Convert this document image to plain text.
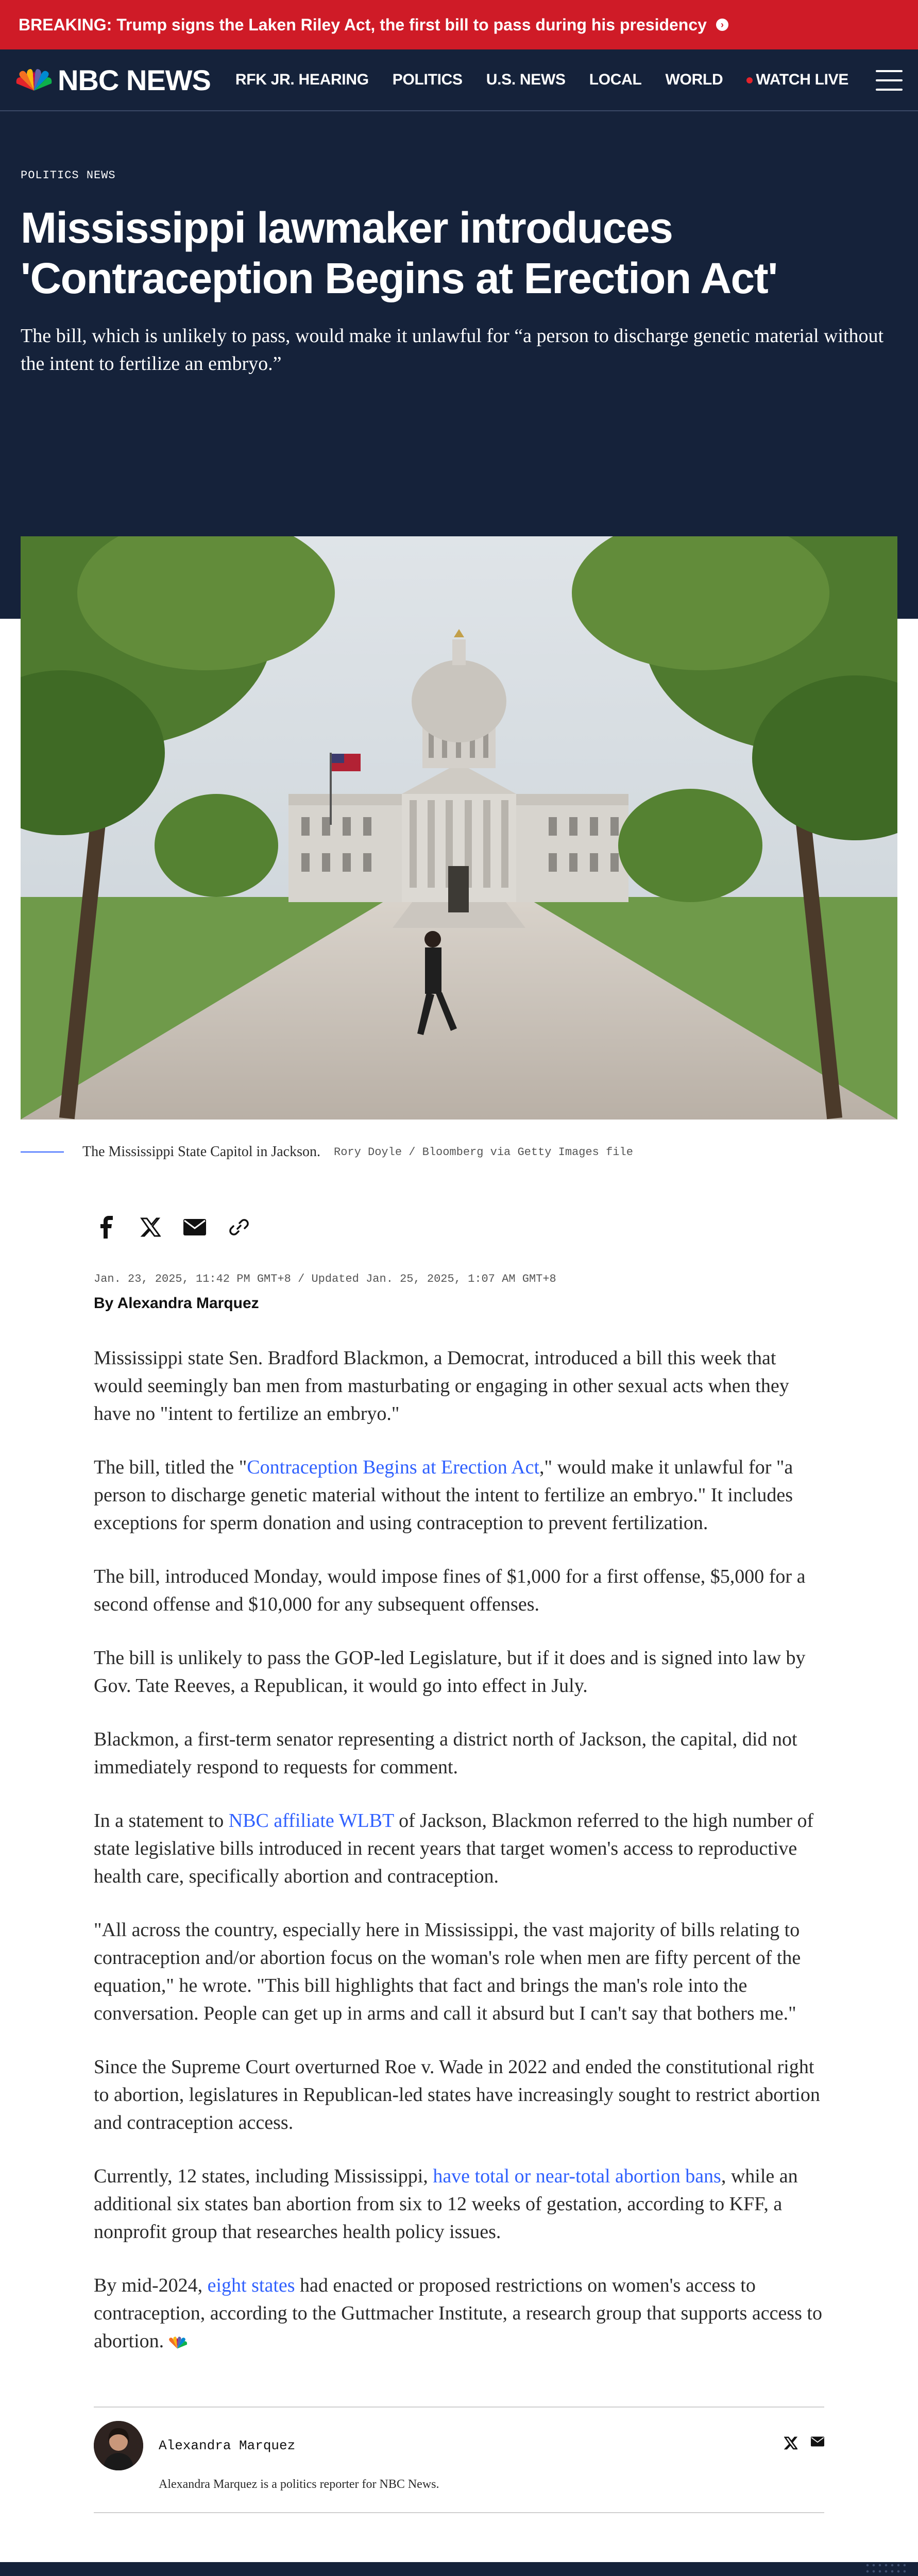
BREAKING: Trump signs the Laken Riley Act, the first bill to pass during his presidency	›
NBC NEWS RFK JR. HEARING POLITICS U.S. NEWS LOCAL WORLD	WATCH LIVE
POLITICS NEWS
Mississippi lawmaker introduces 'Contraception Begins at Erection Act'
The bill, which is unlikely to pass, would make it unlawful for “a person to discharge genetic material without the intent to fertilize an embryo.”
The Mississippi State Capitol in Jackson. Rory Doyle / Bloomberg via Getty Images file
Jan. 23, 2025, 11:42 PM GMT+8 / Updated Jan. 25, 2025, 1:07 AM GMT+8
By Alexandra Marquez

Mississippi state Sen. Bradford Blackmon, a Democrat, introduced a bill this week that would seemingly ban men from masturbating or engaging in other sexual acts when they have no "intent to fertilize an embryo."

The bill, titled the "Contraception Begins at Erection Act," would make it unlawful for "a person to discharge genetic material without the intent to fertilize an embryo." It includes exceptions for sperm donation and using contraception to prevent fertilization.

The bill, introduced Monday, would impose fines of $1,000 for a first offense, $5,000 for a second offense and $10,000 for any subsequent offenses.

The bill is unlikely to pass the GOP-led Legislature, but if it does and is signed into law by Gov. Tate Reeves, a Republican, it would go into effect in July.

Blackmon, a first-term senator representing a district north of Jackson, the capital, did not immediately respond to requests for comment.

In a statement to NBC affiliate WLBT of Jackson, Blackmon referred to the high number of state legislative bills introduced in recent years that target women's access to reproductive health care, specifically abortion and contraception.

"All across the country, especially here in Mississippi, the vast majority of bills relating to contraception and/or abortion focus on the woman's role when men are fifty percent of the equation," he wrote. "This bill highlights that fact and brings the man's role into the conversation. People can get up in arms and call it absurd but I can't say that bothers me."

Since the Supreme Court overturned Roe v. Wade in 2022 and ended the constitutional right to abortion, legislatures in Republican-led states have increasingly sought to restrict abortion and contraception access.

Currently, 12 states, including Mississippi, have total or near-total abortion bans, while an additional six states ban abortion from six to 12 weeks of gestation, according to KFF, a nonprofit group that researches health policy issues.

By mid-2024, eight states had enacted or proposed restrictions on women's access to contraception, according to the Guttmacher Institute, a research group that supports access to abortion.

Alexandra Marquez
Alexandra Marquez is a politics reporter for NBC News.
